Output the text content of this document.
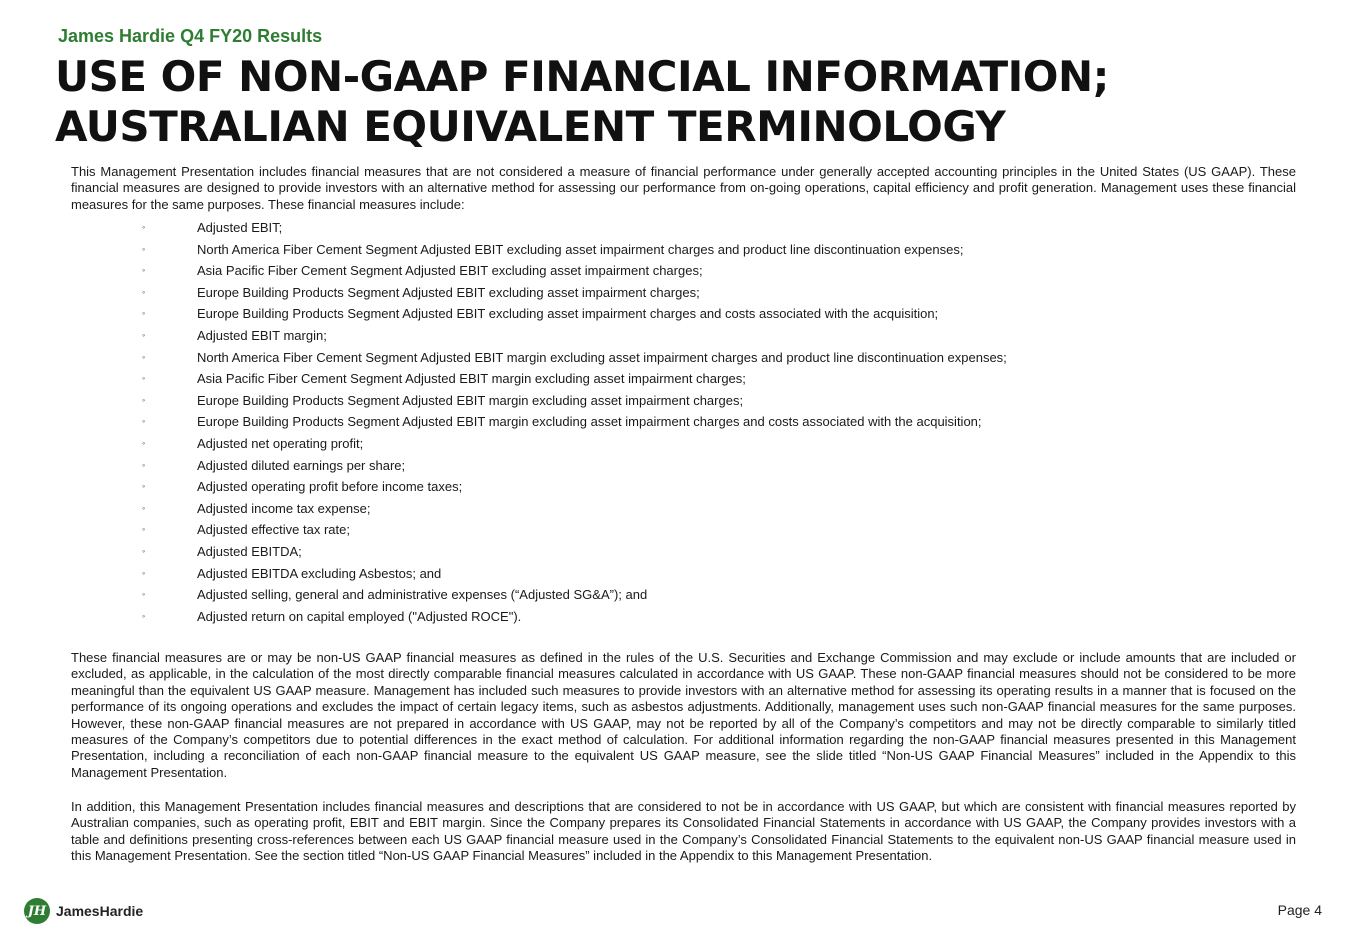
James Hardie Q4 FY20 Results
USE OF NON-GAAP FINANCIAL INFORMATION;
AUSTRALIAN EQUIVALENT TERMINOLOGY

This Management Presentation includes financial measures that are not considered a measure of financial performance under generally accepted accounting principles in the United States (US GAAP). These financial measures are designed to provide investors with an alternative method for assessing our performance from on-going operations, capital efficiency and profit generation. Management uses these financial measures for the same purposes. These financial measures include:

◦	Adjusted EBIT;
◦	North America Fiber Cement Segment Adjusted EBIT excluding asset impairment charges and product line discontinuation expenses;
◦	Asia Pacific Fiber Cement Segment Adjusted EBIT excluding asset impairment charges;
◦	Europe Building Products Segment Adjusted EBIT excluding asset impairment charges;
◦	Europe Building Products Segment Adjusted EBIT excluding asset impairment charges and costs associated with the acquisition;
◦	Adjusted EBIT margin;
◦	North America Fiber Cement Segment Adjusted EBIT margin excluding asset impairment charges and product line discontinuation expenses;
◦	Asia Pacific Fiber Cement Segment Adjusted EBIT margin excluding asset impairment charges;
◦	Europe Building Products Segment Adjusted EBIT margin excluding asset impairment charges;
◦	Europe Building Products Segment Adjusted EBIT margin excluding asset impairment charges and costs associated with the acquisition;
◦	Adjusted net operating profit;
◦	Adjusted diluted earnings per share;
◦	Adjusted operating profit before income taxes;
◦	Adjusted income tax expense;
◦	Adjusted effective tax rate;
◦	Adjusted EBITDA;
◦	Adjusted EBITDA excluding Asbestos; and
◦	Adjusted selling, general and administrative expenses (“Adjusted SG&A”); and
◦	Adjusted return on capital employed ("Adjusted ROCE").

These financial measures are or may be non-US GAAP financial measures as defined in the rules of the U.S. Securities and Exchange Commission and may exclude or include amounts that are included or excluded, as applicable, in the calculation of the most directly comparable financial measures calculated in accordance with US GAAP. These non-GAAP financial measures should not be considered to be more meaningful than the equivalent US GAAP measure. Management has included such measures to provide investors with an alternative method for assessing its operating results in a manner that is focused on the performance of its ongoing operations and excludes the impact of certain legacy items, such as asbestos adjustments. Additionally, management uses such non-GAAP financial measures for the same purposes. However, these non-GAAP financial measures are not prepared in accordance with US GAAP, may not be reported by all of the Company’s competitors and may not be directly comparable to similarly titled measures of the Company’s competitors due to potential differences in the exact method of calculation. For additional information regarding the non-GAAP financial measures presented in this Management Presentation, including a reconciliation of each non-GAAP financial measure to the equivalent US GAAP measure, see the slide titled “Non-US GAAP Financial Measures” included in the Appendix to this Management Presentation.

In addition, this Management Presentation includes financial measures and descriptions that are considered to not be in accordance with US GAAP, but which are consistent with financial measures reported by Australian companies, such as operating profit, EBIT and EBIT margin. Since the Company prepares its Consolidated Financial Statements in accordance with US GAAP, the Company provides investors with a table and definitions presenting cross-references between each US GAAP financial measure used in the Company’s Consolidated Financial Statements to the equivalent non-US GAAP financial measure used in this Management Presentation. See the section titled “Non-US GAAP Financial Measures” included in the Appendix to this Management Presentation.

JH JamesHardie	Page 4
